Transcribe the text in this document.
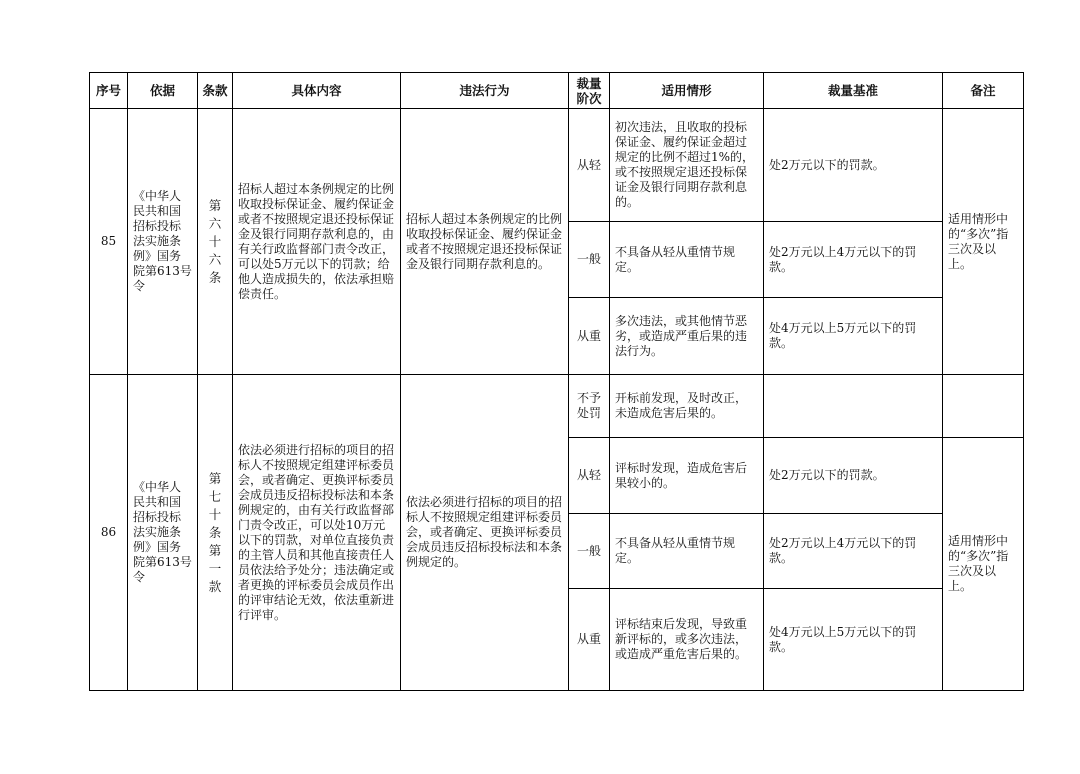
序号	依据	条款	具体内容	违法行为	裁量阶次	适用情形	裁量基准	备注
85	《中华人民共和国招标投标法实施条例》国务院第613号令	第六十六条	招标人超过本条例规定的比例收取投标保证金、履约保证金或者不按照规定退还投标保证金及银行同期存款利息的，由有关行政监督部门责令改正，可以处5万元以下的罚款；给他人造成损失的，依法承担赔偿责任。	招标人超过本条例规定的比例收取投标保证金、履约保证金或者不按照规定退还投标保证金及银行同期存款利息的。	从轻	初次违法，且收取的投标保证金、履约保证金超过规定的比例不超过1%的，或不按照规定退还投标保证金及银行同期存款利息的。	处2万元以下的罚款。	适用情形中的“多次”指三次及以上。
					一般	不具备从轻从重情节规定。	处2万元以上4万元以下的罚款。	
					从重	多次违法，或其他情节恶劣，或造成严重后果的违法行为。	处4万元以上5万元以下的罚款。	
86	《中华人民共和国招标投标法实施条例》国务院第613号令	第七十条第一款	依法必须进行招标的项目的招标人不按照规定组建评标委员会，或者确定、更换评标委员会成员违反招标投标法和本条例规定的，由有关行政监督部门责令改正，可以处10万元以下的罚款，对单位直接负责的主管人员和其他直接责任人员依法给予处分；违法确定或者更换的评标委员会成员作出的评审结论无效，依法重新进行评审。	依法必须进行招标的项目的招标人不按照规定组建评标委员会，或者确定、更换评标委员会成员违反招标投标法和本条例规定的。	不予处罚	开标前发现，及时改正，未造成危害后果的。		
					从轻	评标时发现，造成危害后果较小的。	处2万元以下的罚款。	适用情形中的“多次”指三次及以上。
					一般	不具备从轻从重情节规定。	处2万元以上4万元以下的罚款。	
					从重	评标结束后发现，导致重新评标的，或多次违法，或造成严重危害后果的。	处4万元以上5万元以下的罚款。	
